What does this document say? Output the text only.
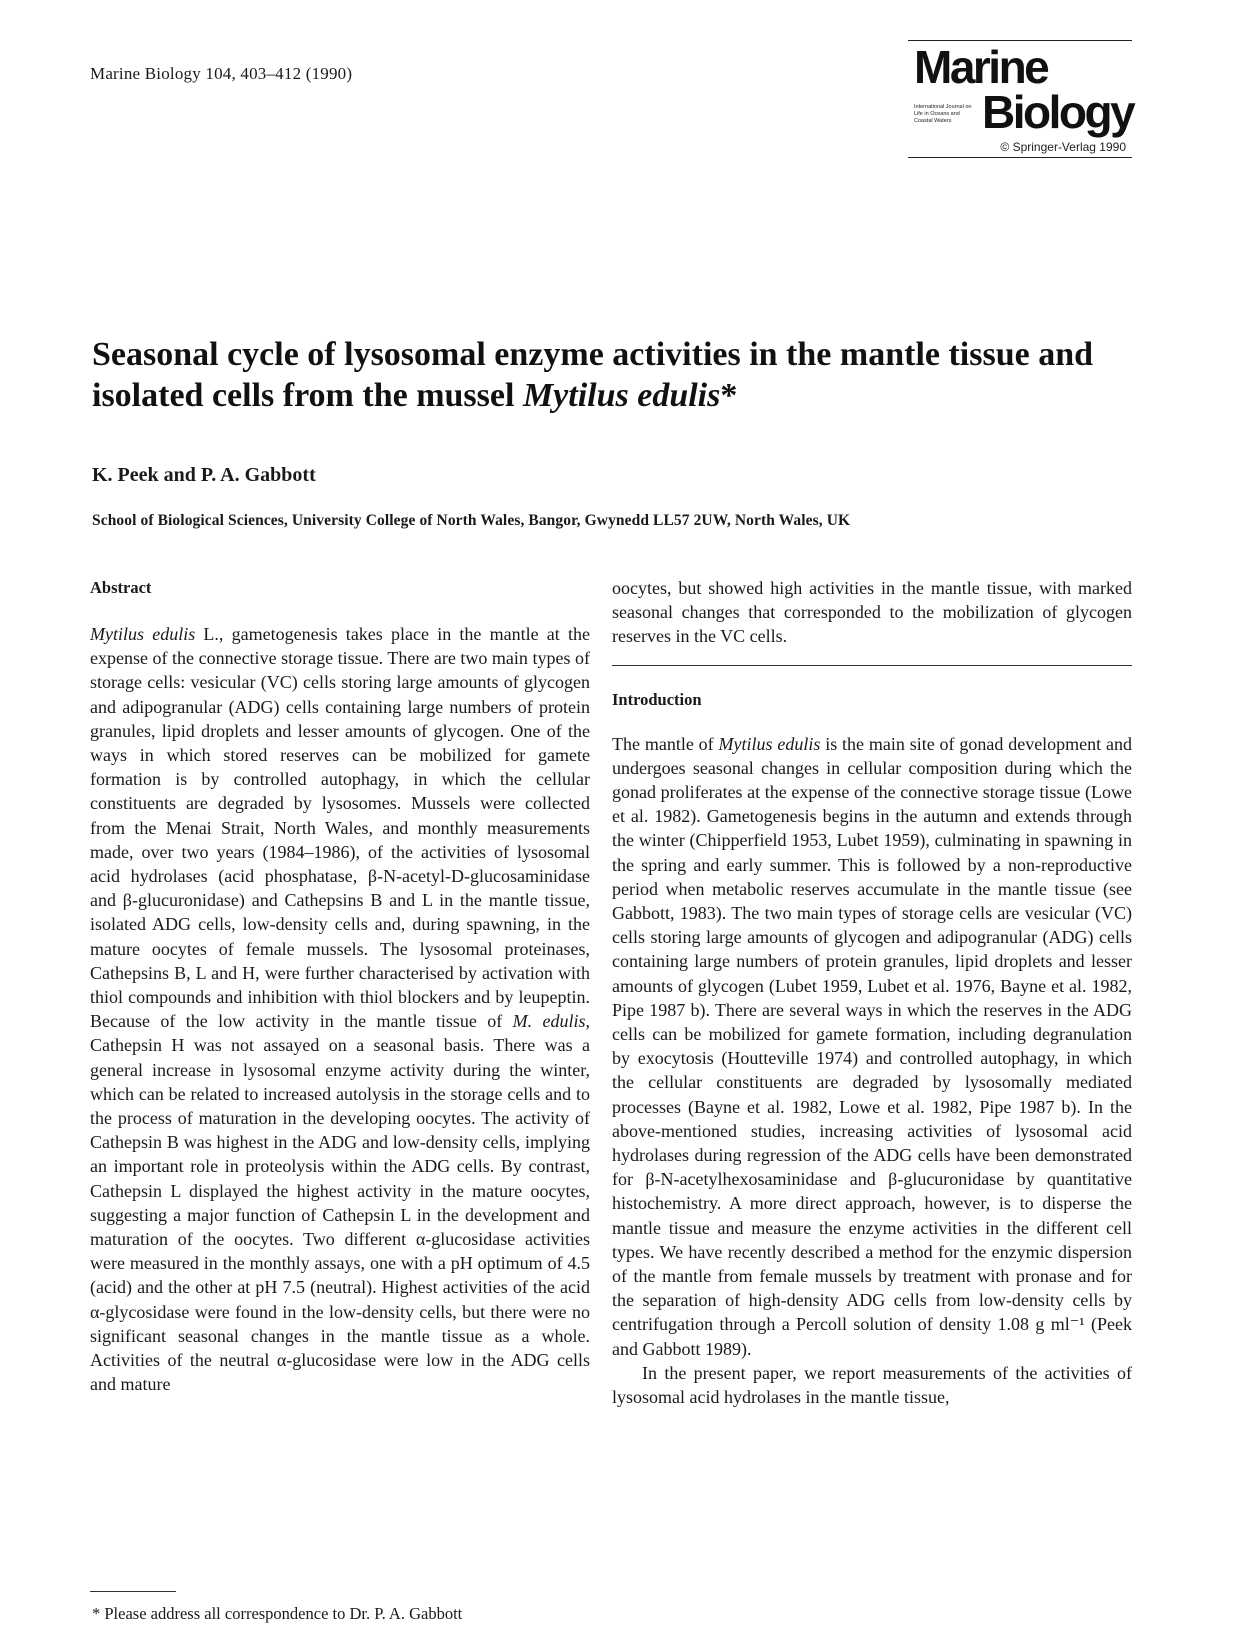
Marine Biology 104, 403–412 (1990)	Marine
International Journal on Life in Oceans and Coastal Waters Biology
© Springer-Verlag 1990
Seasonal cycle of lysosomal enzyme activities in the mantle tissue and isolated cells from the mussel Mytilus edulis*
K. Peek and P. A. Gabbott
School of Biological Sciences, University College of North Wales, Bangor, Gwynedd LL57 2UW, North Wales, UK
Abstract

Mytilus edulis L., gametogenesis takes place in the mantle at the expense of the connective storage tissue. There are two main types of storage cells: vesicular (VC) cells storing large amounts of glycogen and adipogranular (ADG) cells containing large numbers of protein granules, lipid droplets and lesser amounts of glycogen. One of the ways in which stored reserves can be mobilized for gamete formation is by controlled autophagy, in which the cellular constituents are degraded by lysosomes. Mussels were collected from the Menai Strait, North Wales, and monthly measurements made, over two years (1984–1986), of the activities of lysosomal acid hydrolases (acid phosphatase, β-N-acetyl-D-glucosaminidase and β-glucuronidase) and Cathepsins B and L in the mantle tissue, isolated ADG cells, low-density cells and, during spawning, in the mature oocytes of female mussels. The lysosomal proteinases, Cathepsins B, L and H, were further characterised by activation with thiol compounds and inhibition with thiol blockers and by leupeptin. Because of the low activity in the mantle tissue of M. edulis, Cathepsin H was not assayed on a seasonal basis. There was a general increase in lysosomal enzyme activity during the winter, which can be related to increased autolysis in the storage cells and to the process of maturation in the developing oocytes. The activity of Cathepsin B was highest in the ADG and low-density cells, implying an important role in proteolysis within the ADG cells. By contrast, Cathepsin L displayed the highest activity in the mature oocytes, suggesting a major function of Cathepsin L in the development and maturation of the oocytes. Two different α-glucosidase activities were measured in the monthly assays, one with a pH optimum of 4.5 (acid) and the other at pH 7.5 (neutral). Highest activities of the acid α-glycosidase were found in the low-density cells, but there were no significant seasonal changes in the mantle tissue as a whole. Activities of the neutral α-glucosidase were low in the ADG cells and mature

oocytes, but showed high activities in the mantle tissue, with marked seasonal changes that corresponded to the mobilization of glycogen reserves in the VC cells.

Introduction

The mantle of Mytilus edulis is the main site of gonad development and undergoes seasonal changes in cellular composition during which the gonad proliferates at the expense of the connective storage tissue (Lowe et al. 1982). Gametogenesis begins in the autumn and extends through the winter (Chipperfield 1953, Lubet 1959), culminating in spawning in the spring and early summer. This is followed by a non-reproductive period when metabolic reserves accumulate in the mantle tissue (see Gabbott, 1983). The two main types of storage cells are vesicular (VC) cells storing large amounts of glycogen and adipogranular (ADG) cells containing large numbers of protein granules, lipid droplets and lesser amounts of glycogen (Lubet 1959, Lubet et al. 1976, Bayne et al. 1982, Pipe 1987 b). There are several ways in which the reserves in the ADG cells can be mobilized for gamete formation, including degranulation by exocytosis (Houtteville 1974) and controlled autophagy, in which the cellular constituents are degraded by lysosomally mediated processes (Bayne et al. 1982, Lowe et al. 1982, Pipe 1987 b). In the above-mentioned studies, increasing activities of lysosomal acid hydrolases during regression of the ADG cells have been demonstrated for β-N-acetylhexosaminidase and β-glucuronidase by quantitative histochemistry. A more direct approach, however, is to disperse the mantle tissue and measure the enzyme activities in the different cell types. We have recently described a method for the enzymic dispersion of the mantle from female mussels by treatment with pronase and for the separation of high-density ADG cells from low-density cells by centrifugation through a Percoll solution of density 1.08 g ml⁻¹ (Peek and Gabbott 1989).

In the present paper, we report measurements of the activities of lysosomal acid hydrolases in the mantle tissue,

* Please address all correspondence to Dr. P. A. Gabbott
